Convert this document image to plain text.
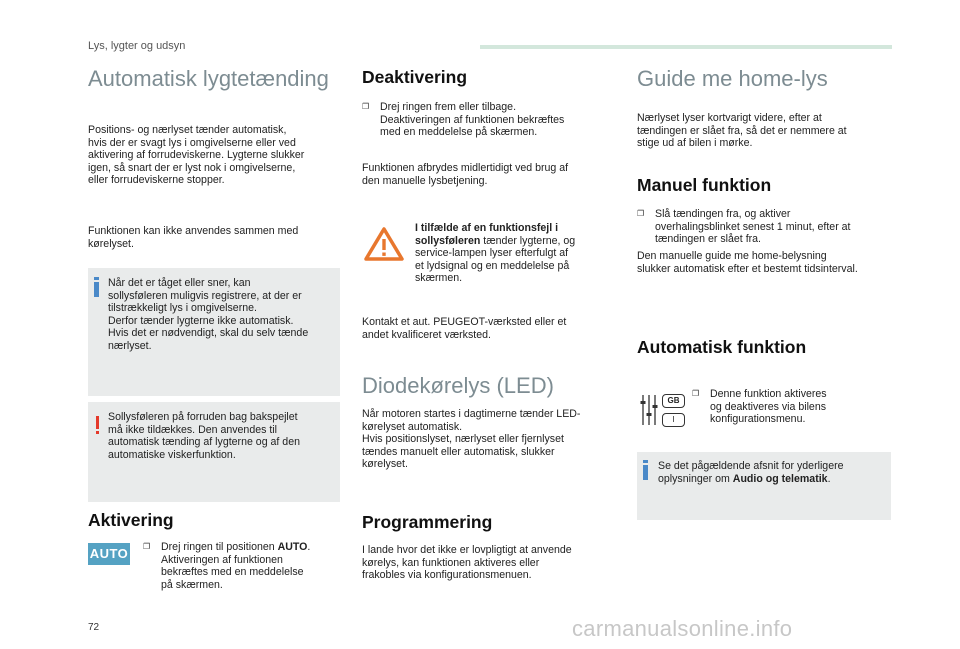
Lys, lygter og udsyn
Automatisk lygtetænding
Positions- og nærlyset tænder automatisk,
hvis der er svagt lys i omgivelserne eller ved
aktivering af forrudeviskerne. Lygterne slukker
igen, så snart der er lyst nok i omgivelserne,
eller forrudeviskerne stopper.
Funktionen kan ikke anvendes sammen med
kørelyset.
Når det er tåget eller sner, kan
sollysføleren muligvis registrere, at der er
tilstrækkeligt lys i omgivelserne.
Derfor tænder lygterne ikke automatisk.
Hvis det er nødvendigt, skal du selv tænde
nærlyset.
Sollysføleren på forruden bag bakspejlet
må ikke tildækkes. Den anvendes til
automatisk tænding af lygterne og af den
automatiske viskerfunktion.
Aktivering
AUTO ❐	Drej ringen til positionen AUTO.
Aktiveringen af funktionen
bekræftes med en meddelelse
på skærmen.
Deaktivering
❐	Drej ringen frem eller tilbage.
Deaktiveringen af funktionen bekræftes
med en meddelelse på skærmen.
Funktionen afbrydes midlertidigt ved brug af
den manuelle lysbetjening.
I tilfælde af en funktionsfejl i
sollysføleren tænder lygterne, og
service-lampen lyser efterfulgt af
et lydsignal og en meddelelse på
skærmen.
Kontakt et aut. PEUGEOT-værksted eller et
andet kvalificeret værksted.
Diodekørelys (LED)
Når motoren startes i dagtimerne tænder LED-
kørelyset automatisk.
Hvis positionslyset, nærlyset eller fjernlyset
tændes manuelt eller automatisk, slukker
kørelyset.
Programmering
I lande hvor det ikke er lovpligtigt at anvende
kørelys, kan funktionen aktiveres eller
frakobles via konfigurationsmenuen.
Guide me home-lys
Nærlyset lyser kortvarigt videre, efter at
tændingen er slået fra, så det er nemmere at
stige ud af bilen i mørke.
Manuel funktion
❐	Slå tændingen fra, og aktiver
overhalingsblinket senest 1 minut, efter at
tændingen er slået fra.
Den manuelle guide me home-belysning
slukker automatisk efter et bestemt tidsinterval.
Automatisk funktion
GB
I
❐	Denne funktion aktiveres
og deaktiveres via bilens
konfigurationsmenu.
Se det pågældende afsnit for yderligere
oplysninger om Audio og telematik.
72	carmanualsonline.info
